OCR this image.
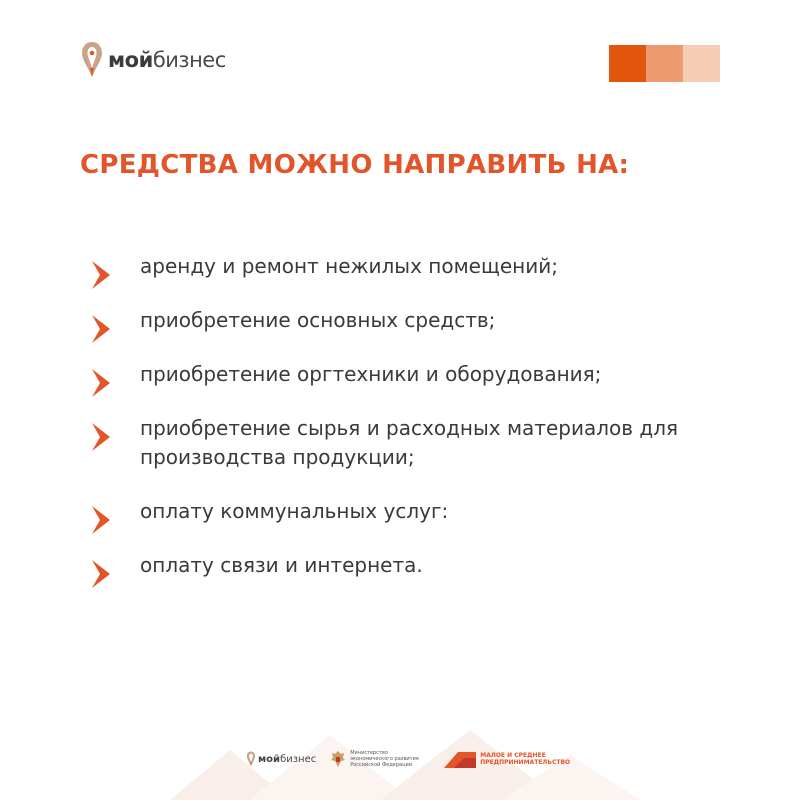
мойбизнес
СРЕДСТВА МОЖНО НАПРАВИТЬ НА:
аренду и ремонт нежилых помещений;
приобретение основных средств;
приобретение оргтехники и оборудования;
приобретение сырья и расходных материалов для производства продукции;
оплату коммунальных услуг:
оплату связи и интернета.
мойбизнес
Министерство экономического развития Российской Федерации
МАЛОЕ И СРЕДНЕЕ
ПРЕДПРИНИМАТЕЛЬСТВО
